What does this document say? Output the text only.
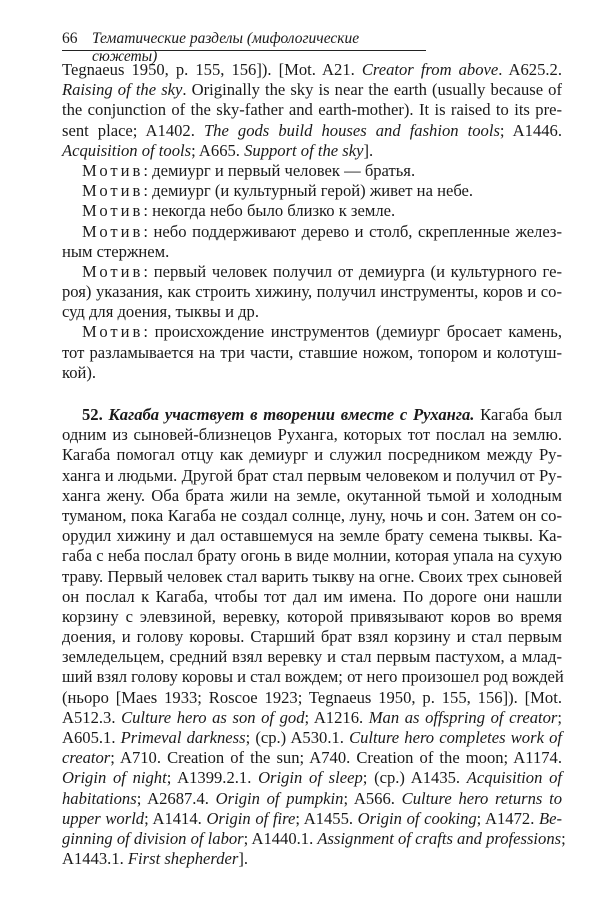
66 Тематические разделы (мифологические сюжеты)
Tegnaeus 1950, p. 155, 156]). [Mot. A21. Creator from above. A625.2.
Raising of the sky. Originally the sky is near the earth (usually because of
the conjunction of the sky-father and earth-mother). It is raised to its pre-
sent place; A1402. The gods build houses and fashion tools; A1446.
Acquisition of tools; A665. Support of the sky].
Мотив: демиург и первый человек — братья.
Мотив: демиург (и культурный герой) живет на небе.
Мотив: некогда небо было близко к земле.
Мотив: небо поддерживают дерево и столб, скрепленные желез-
ным стержнем.
Мотив: первый человек получил от демиурга (и культурного ге-
роя) указания, как строить хижину, получил инструменты, коров и со-
суд для доения, тыквы и др.
Мотив: происхождение инструментов (демиург бросает камень,
тот разламывается на три части, ставшие ножом, топором и колотуш-
кой).
52. Кагаба участвует в творении вместе с Руханга. Кагаба был
одним из сыновей-близнецов Руханга, которых тот послал на землю.
Кагаба помогал отцу как демиург и служил посредником между Ру-
ханга и людьми. Другой брат стал первым человеком и получил от Ру-
ханга жену. Оба брата жили на земле, окутанной тьмой и холодным
туманом, пока Кагаба не создал солнце, луну, ночь и сон. Затем он со-
орудил хижину и дал оставшемуся на земле брату семена тыквы. Ка-
габа с неба послал брату огонь в виде молнии, которая упала на сухую
траву. Первый человек стал варить тыкву на огне. Своих трех сыновей
он послал к Кагаба, чтобы тот дал им имена. По дороге они нашли
корзину с элевзиной, веревку, которой привязывают коров во время
доения, и голову коровы. Старший брат взял корзину и стал первым
земледельцем, средний взял веревку и стал первым пастухом, а млад-
ший взял голову коровы и стал вождем; от него произошел род вождей
(ньоро [Maes 1933; Roscoe 1923; Tegnaeus 1950, p. 155, 156]). [Mot.
A512.3. Culture hero as son of god; A1216. Man as offspring of creator;
A605.1. Primeval darkness; (cp.) A530.1. Culture hero completes work of
creator; A710. Creation of the sun; A740. Creation of the moon; A1174.
Origin of night; A1399.2.1. Origin of sleep; (cp.) A1435. Acquisition of
habitations; A2687.4. Origin of pumpkin; A566. Culture hero returns to
upper world; A1414. Origin of fire; A1455. Origin of cooking; A1472. Be-
ginning of division of labor; A1440.1. Assignment of crafts and professions;
A1443.1. First shepherder].
